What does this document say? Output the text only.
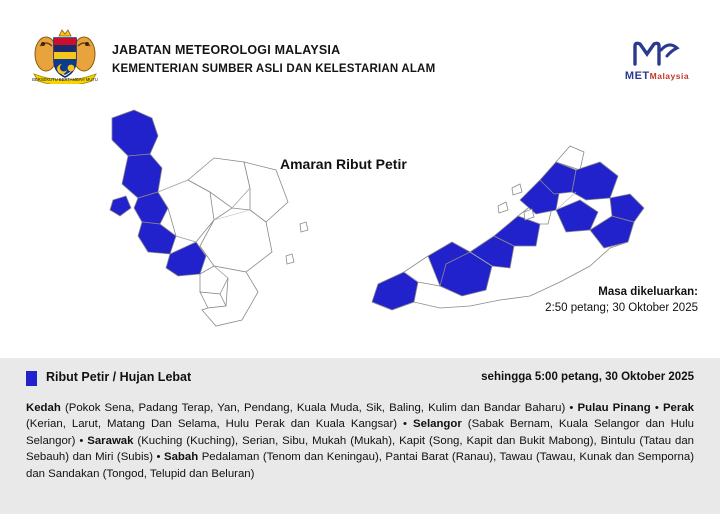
BERSEKUTU BERTAMBAH MUTU
JABATAN METEOROLOGI MALAYSIA
KEMENTERIAN SUMBER ASLI DAN KELESTARIAN ALAM
METMalaysia
Amaran Ribut Petir
Masa dikeluarkan:
2:50 petang; 30 Oktober 2025
Ribut Petir / Hujan Lebat	sehingga 5:00 petang, 30 Oktober 2025
Kedah (Pokok Sena, Padang Terap, Yan, Pendang, Kuala Muda, Sik, Baling, Kulim dan Bandar Baharu) • Pulau Pinang • Perak (Kerian, Larut, Matang Dan Selama, Hulu Perak dan Kuala Kangsar) • Selangor (Sabak Bernam, Kuala Selangor dan Hulu Selangor) • Sarawak (Kuching (Kuching), Serian, Sibu, Mukah (Mukah), Kapit (Song, Kapit dan Bukit Mabong), Bintulu (Tatau dan Sebauh) dan Miri (Subis) • Sabah Pedalaman (Tenom dan Keningau), Pantai Barat (Ranau), Tawau (Tawau, Kunak dan Semporna) dan Sandakan (Tongod, Telupid dan Beluran)
